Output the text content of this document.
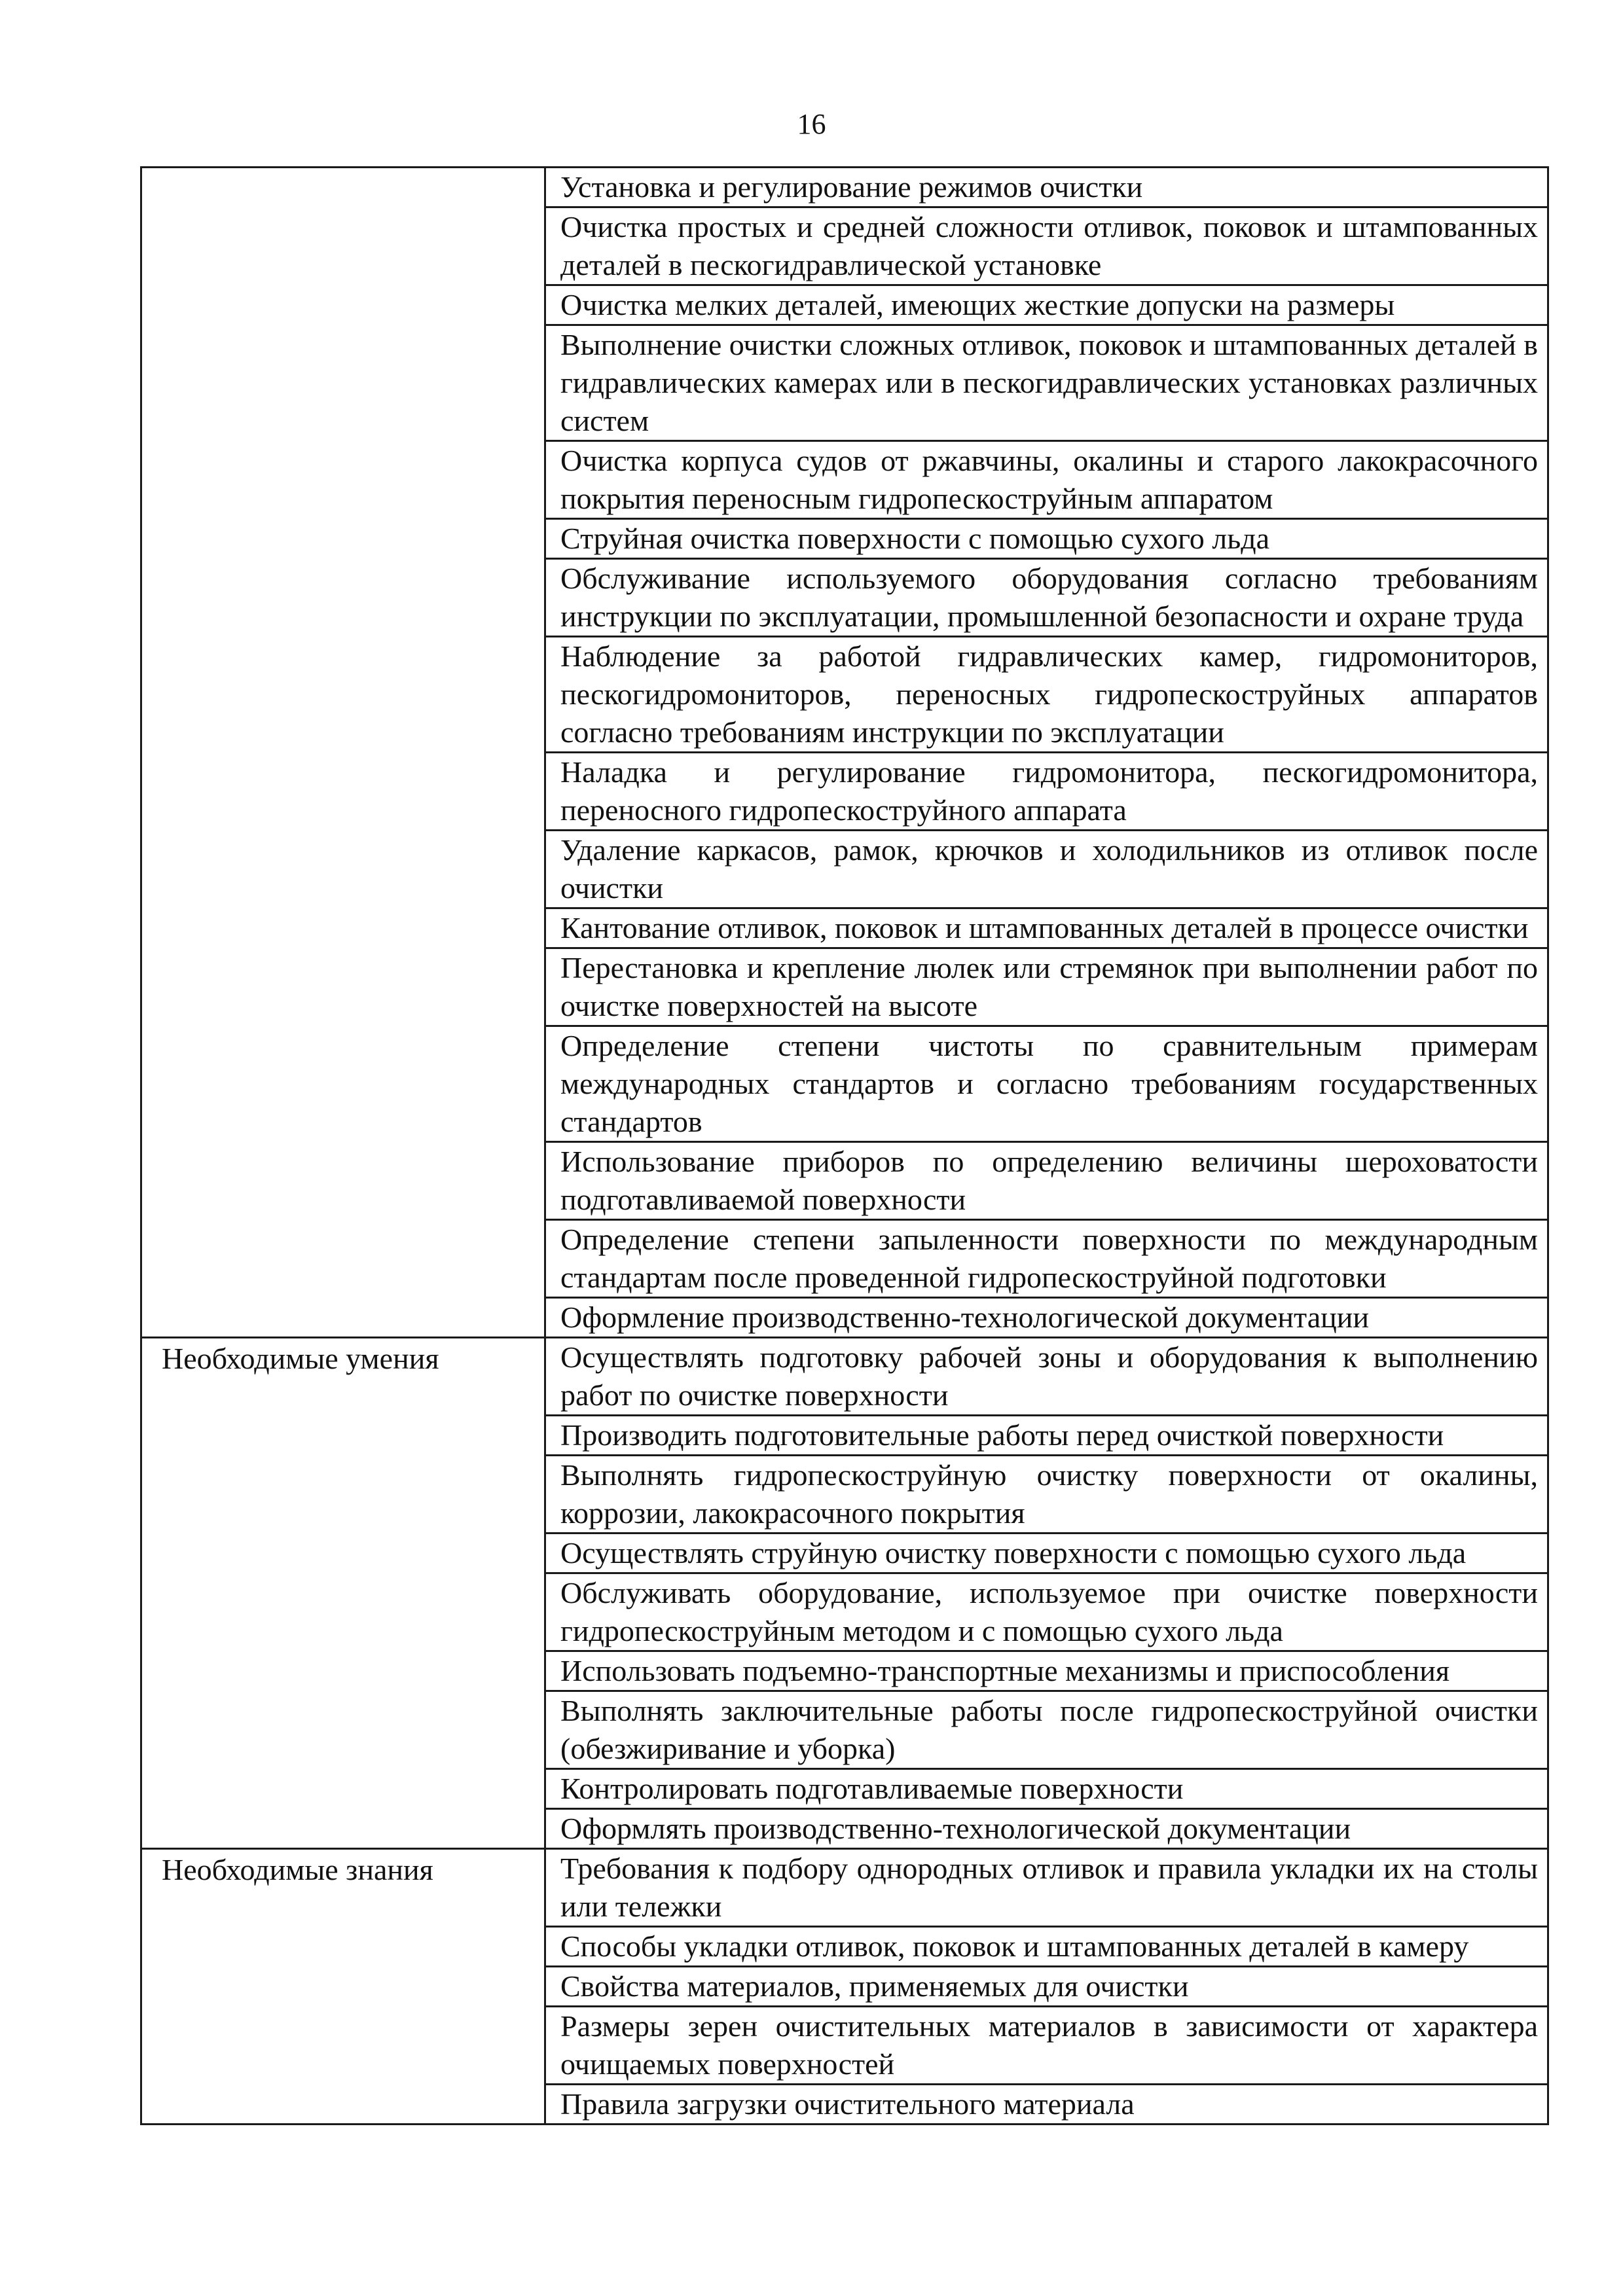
16
	Установка и регулирование режимов очистки
	Очистка простых и средней сложности отливок, поковок и штампованных деталей в пескогидравлической установке
	Очистка мелких деталей, имеющих жесткие допуски на размеры
	Выполнение очистки сложных отливок, поковок и штампованных деталей в гидравлических камерах или в пескогидравлических установках различных систем
	Очистка корпуса судов от ржавчины, окалины и старого лакокрасочного покрытия переносным гидропескоструйным аппаратом
	Струйная очистка поверхности с помощью сухого льда
	Обслуживание используемого оборудования согласно требованиям инструкции по эксплуатации, промышленной безопасности и охране труда
	Наблюдение за работой гидравлических камер, гидромониторов, пескогидромониторов, переносных гидропескоструйных аппаратов согласно требованиям инструкции по эксплуатации
	Наладка и регулирование гидромонитора, пескогидромонитора, переносного гидропескоструйного аппарата
	Удаление каркасов, рамок, крючков и холодильников из отливок после очистки
	Кантование отливок, поковок и штампованных деталей в процессе очистки
	Перестановка и крепление люлек или стремянок при выполнении работ по очистке поверхностей на высоте
	Определение степени чистоты по сравнительным примерам международных стандартов и согласно требованиям государственных стандартов
	Использование приборов по определению величины шероховатости подготавливаемой поверхности
	Определение степени запыленности поверхности по международным стандартам после проведенной гидропескоструйной подготовки
	Оформление производственно-технологической документации
Необходимые умения	Осуществлять подготовку рабочей зоны и оборудования к выполнению работ по очистке поверхности
	Производить подготовительные работы перед очисткой поверхности
	Выполнять гидропескоструйную очистку поверхности от окалины, коррозии, лакокрасочного покрытия
	Осуществлять струйную очистку поверхности с помощью сухого льда
	Обслуживать оборудование, используемое при очистке поверхности гидропескоструйным методом и с помощью сухого льда
	Использовать подъемно-транспортные механизмы и приспособления
	Выполнять заключительные работы после гидропескоструйной очистки (обезжиривание и уборка)
	Контролировать подготавливаемые поверхности
	Оформлять производственно-технологической документации
Необходимые знания	Требования к подбору однородных отливок и правила укладки их на столы или тележки
	Способы укладки отливок, поковок и штампованных деталей в камеру
	Свойства материалов, применяемых для очистки
	Размеры зерен очистительных материалов в зависимости от характера очищаемых поверхностей
	Правила загрузки очистительного материала
